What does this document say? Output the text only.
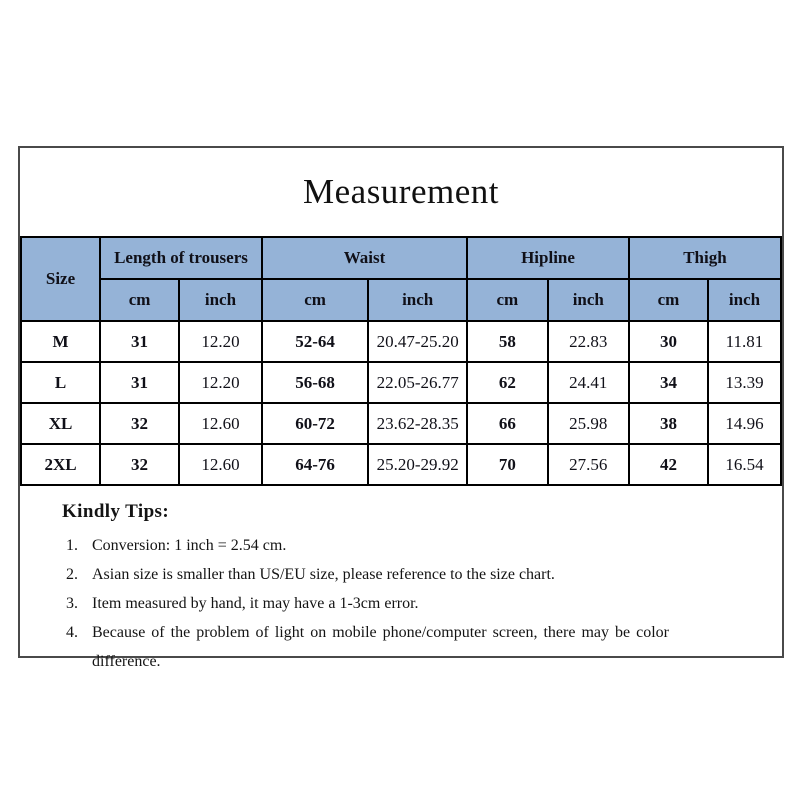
Measurement
Size	Length of trousers		Waist		Hipline		Thigh	
	cm	inch	cm	inch	cm	inch	cm	inch
M	31	12.20	52-64	20.47-25.20	58	22.83	30	11.81
L	31	12.20	56-68	22.05-26.77	62	24.41	34	13.39
XL	32	12.60	60-72	23.62-28.35	66	25.98	38	14.96
2XL	32	12.60	64-76	25.20-29.92	70	27.56	42	16.54
Kindly Tips:
1. Conversion: 1 inch = 2.54 cm.
2. Asian size is smaller than US/EU size, please reference to the size chart.
3. Item measured by hand, it may have a 1-3cm error.
4. Because of the problem of light on mobile phone/computer screen, there may be color difference.
